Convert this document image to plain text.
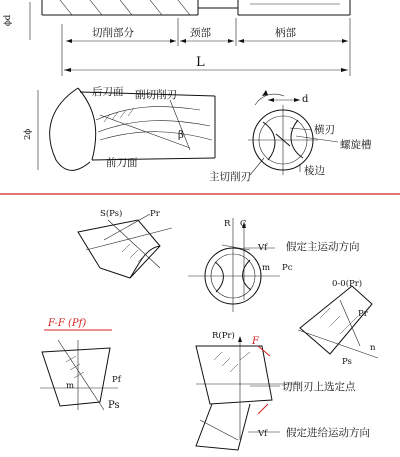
切削部分	颈部	柄部
L
ϕd
后刀面 副切削刃
前刀面
2ϕ	β
d
横刃
螺旋槽
主切削刃	棱边
S(Ps)	Pr
R C
Vf 假定主运动方向
Pc
m
0-0(Pr)
Pr
Ps
n
F-F (Pf)
Pf
Ps
m
R(Pr) F
切削刃上选定点
Vf 假定进给运动方向
